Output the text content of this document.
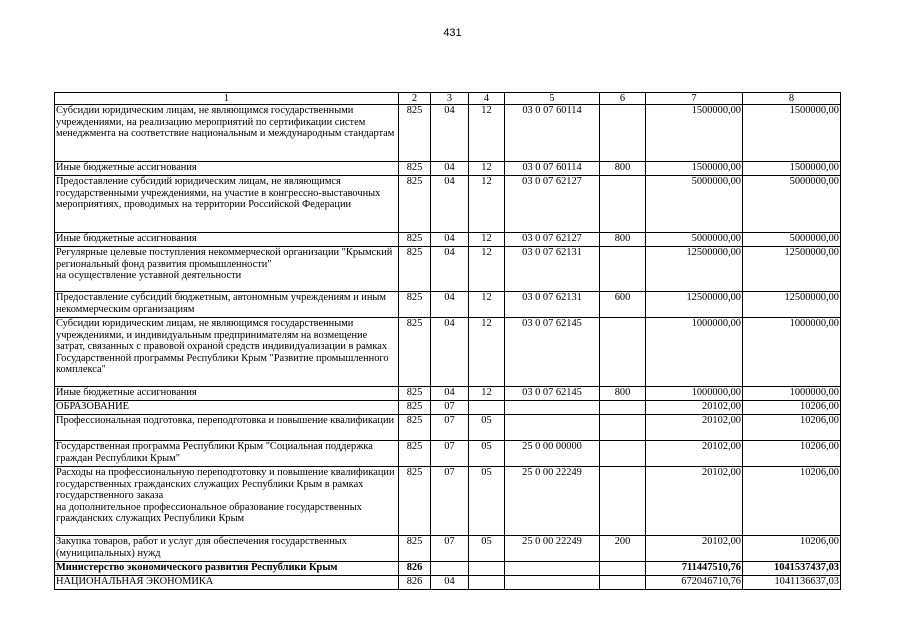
431
1	2	3	4	5	6	7	8
Субсидии юридическим лицам, не являющимся государственными учреждениями, на реализацию мероприятий по сертификации систем менеджмента на соответствие национальным и международным стандартам	825	04	12	03 0 07 60114		1500000,00	1500000,00
Иные бюджетные ассигнования	825	04	12	03 0 07 60114	800	1500000,00	1500000,00
Предоставление субсидий юридическим лицам, не являющимся государственными учреждениями, на участие в конгрессно-выставочных мероприятиях, проводимых на территории Российской Федерации	825	04	12	03 0 07 62127		5000000,00	5000000,00
Иные бюджетные ассигнования	825	04	12	03 0 07 62127	800	5000000,00	5000000,00
Регулярные целевые поступления некоммерческой организации "Крымский региональный фонд развития промышленности"
на осуществление уставной деятельности	825	04	12	03 0 07 62131		12500000,00	12500000,00
Предоставление субсидий бюджетным, автономным учреждениям и иным некоммерческим организациям	825	04	12	03 0 07 62131	600	12500000,00	12500000,00
Субсидии юридическим лицам, не являющимся государственными учреждениями, и индивидуальным предпринимателям на возмещение затрат, связанных с правовой охраной средств индивидуализации в рамках Государственной программы Республики Крым "Развитие промышленного комплекса"	825	04	12	03 0 07 62145		1000000,00	1000000,00
Иные бюджетные ассигнования	825	04	12	03 0 07 62145	800	1000000,00	1000000,00
ОБРАЗОВАНИЕ	825	07				20102,00	10206,00
Профессиональная подготовка, переподготовка и повышение квалификации	825	07	05			20102,00	10206,00
Государственная программа Республики Крым "Социальная поддержка граждан Республики Крым"	825	07	05	25 0 00 00000		20102,00	10206,00
Расходы на профессиональную переподготовку и повышение квалификации государственных гражданских служащих Республики Крым в рамках государственного заказа
на дополнительное профессиональное образование государственных гражданских служащих Республики Крым	825	07	05	25 0 00 22249		20102,00	10206,00
Закупка товаров, работ и услуг для обеспечения государственных (муниципальных) нужд	825	07	05	25 0 00 22249	200	20102,00	10206,00
Министерство экономического развития Республики Крым	826					711447510,76	1041537437,03
НАЦИОНАЛЬНАЯ ЭКОНОМИКА	826	04				672046710,76	1041136637,03
